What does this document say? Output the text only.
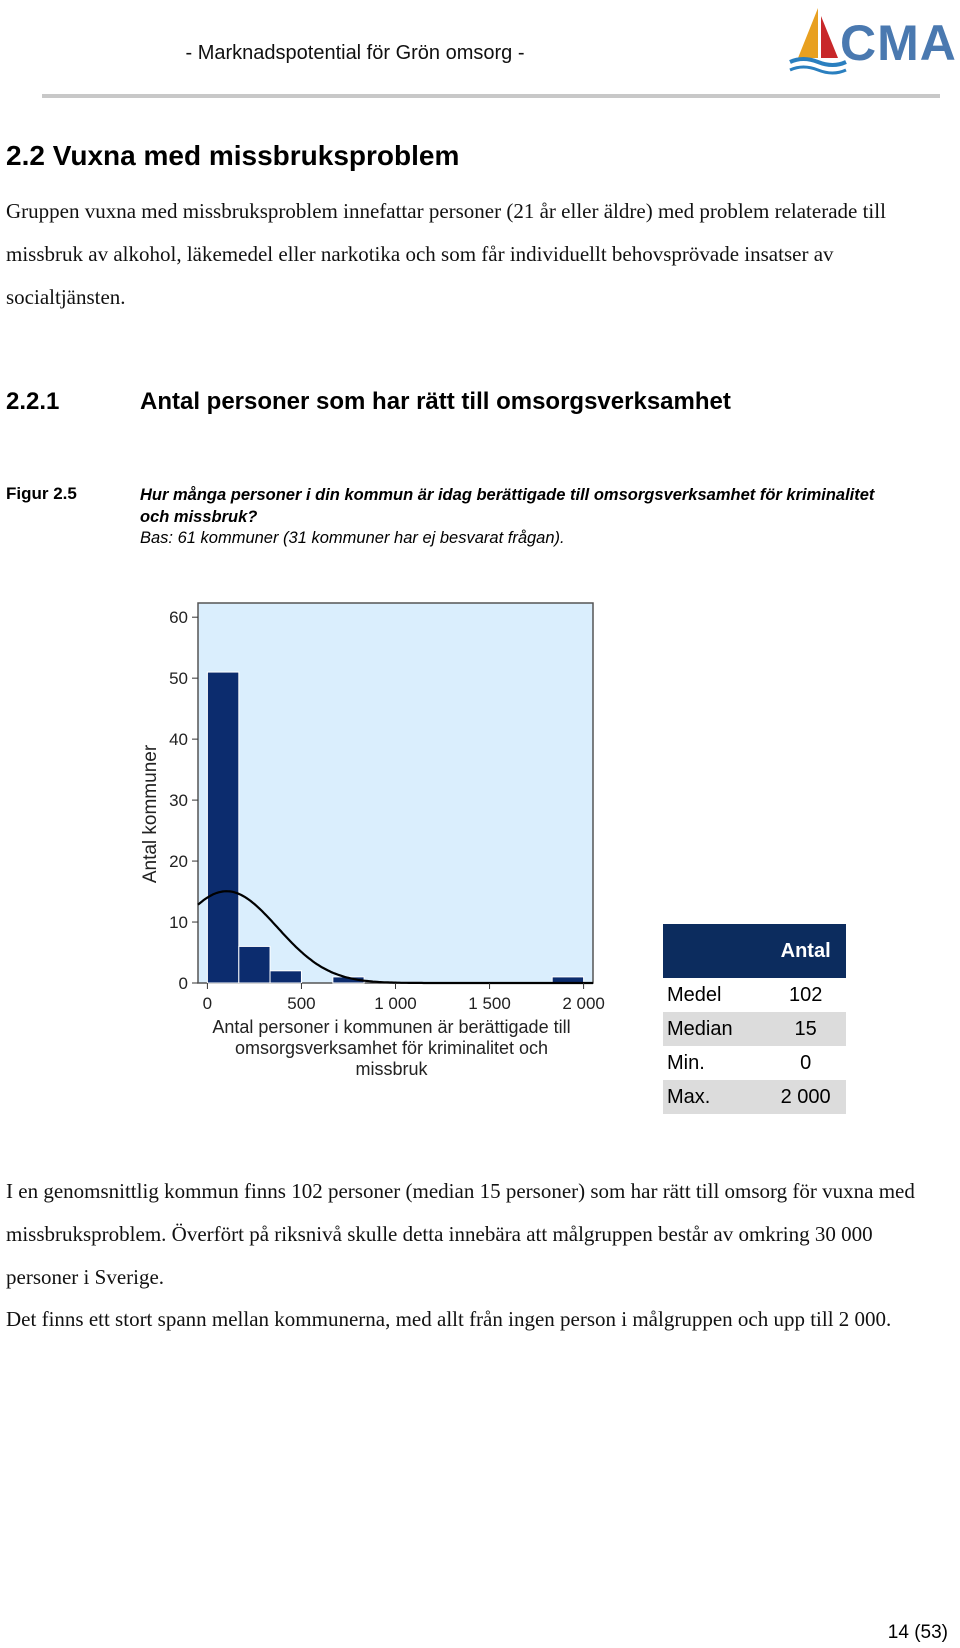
- Marknadspotential för Grön omsorg -	CMA
2.2 Vuxna med missbruksproblem

Gruppen vuxna med missbruksproblem innefattar personer (21 år eller äldre) med problem relaterade till missbruk av alkohol, läkemedel eller narkotika och som får individuellt behovsprövade insatser av socialtjänsten.

2.2.1	Antal personer som har rätt till omsorgsverksamhet
Figur 2.5	Hur många personer i din kommun är idag berättigade till omsorgsverksamhet för kriminalitet och missbruk?
Bas: 61 kommuner (31 kommuner har ej besvarat frågan).
0
10
20
30
40
50
60
0	500	1 000	1 500	2 000
Antal kommuner
Antal personer i kommunen är berättigade till omsorgsverksamhet för kriminalitet och missbruk
	Antal
Medel	102
Median	15
Min.	0
Max.	2 000

I en genomsnittlig kommun finns 102 personer (median 15 personer) som har rätt till omsorg för vuxna med missbruksproblem. Överfört på riksnivå skulle detta innebära att målgruppen består av omkring 30 000 personer i Sverige.

Det finns ett stort spann mellan kommunerna, med allt från ingen person i målgruppen och upp till 2 000.

14 (53)
